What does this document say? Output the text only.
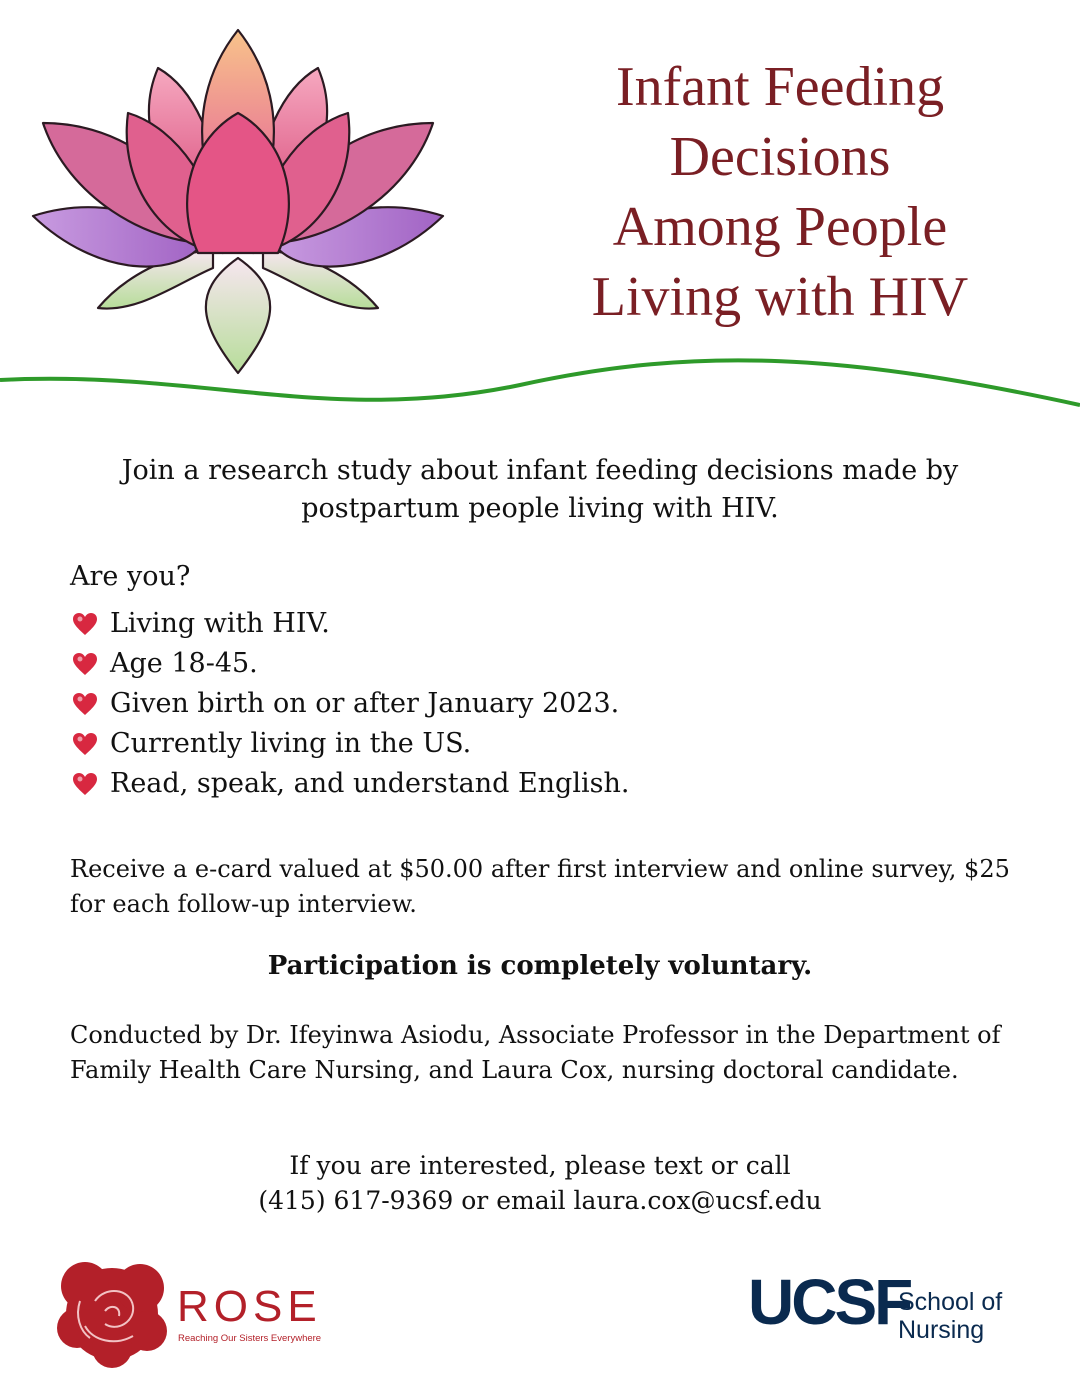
Infant Feeding
Decisions
Among People
Living with HIV
Join a research study about infant feeding decisions made by postpartum people living with HIV.
Are you?
Living with HIV.
Age 18-45.
Given birth on or after January 2023.
Currently living in the US.
Read, speak, and understand English.
Receive a e-card valued at $50.00 after first interview and online survey, $25 for each follow-up interview.
Participation is completely voluntary.
Conducted by Dr. Ifeyinwa Asiodu, Associate Professor in the Department of Family Health Care Nursing, and Laura Cox, nursing doctoral candidate.
If you are interested, please text or call
(415) 617-9369 or email laura.cox@ucsf.edu
ROSE
Reaching Our Sisters Everywhere
UCSF
School of
Nursing
